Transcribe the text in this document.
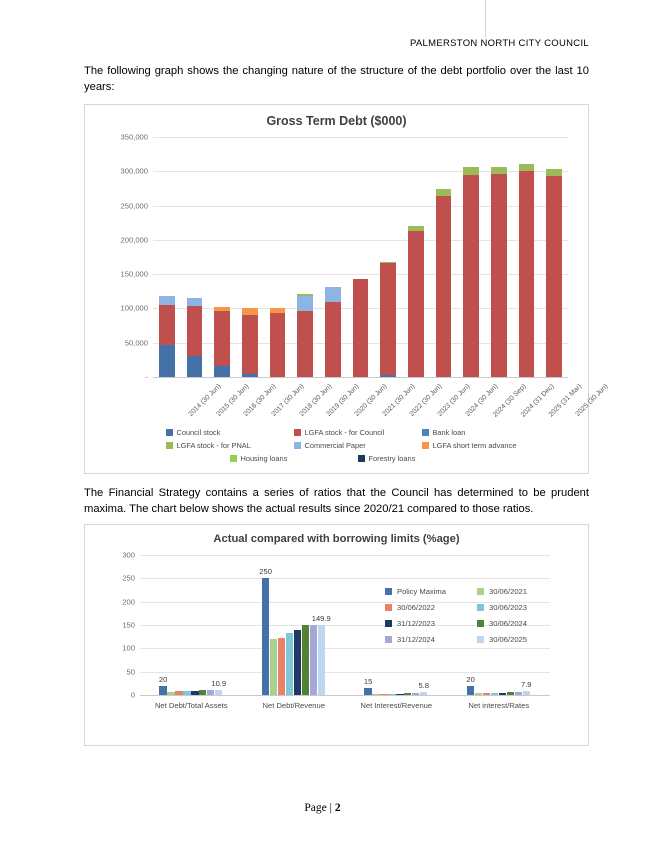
PALMERSTON NORTH CITY COUNCIL
The following graph shows the changing nature of the structure of the debt portfolio over the last 10 years:
Gross Term Debt ($000)
-
50,000
100,000
150,000
200,000
250,000
300,000
350,000
2014 (30 Jun)
2015 (30 Jun)
2016 (30 Jun)
2017 (30 Jun)
2018 (30 Jun)
2019 (30 Jun)
2020 (30 Jun)
2021 (30 Jun)
2022 (30 Jun)
2023 (30 Jun)
2024 (30 Jun)
2024 (30 Sep)
2024 (31 Dec)
2025 (31 Mar)
2025 (30 Jun)
Council stock	LGFA stock - for Council	Bank loan
LGFA stock - for PNAL	Commercial Paper	LGFA short term advance
Housing loans	Forestry loans
The Financial Strategy contains a series of ratios that the Council has determined to be prudent maxima. The chart below shows the actual results since 2020/21 compared to those ratios.
Actual compared with borrowing limits (%age)
0
50
100
150
200
250
300
Net Debt/Total Assets	Net Debt/Revenue	Net Interest/Revenue	Net interest/Rates
20	10.9
250
149.9
15	5.8
20
7.9
Policy Maxima	30/06/2021
30/06/2022	30/06/2023
31/12/2023	30/06/2024
31/12/2024	30/06/2025
Page | 2
